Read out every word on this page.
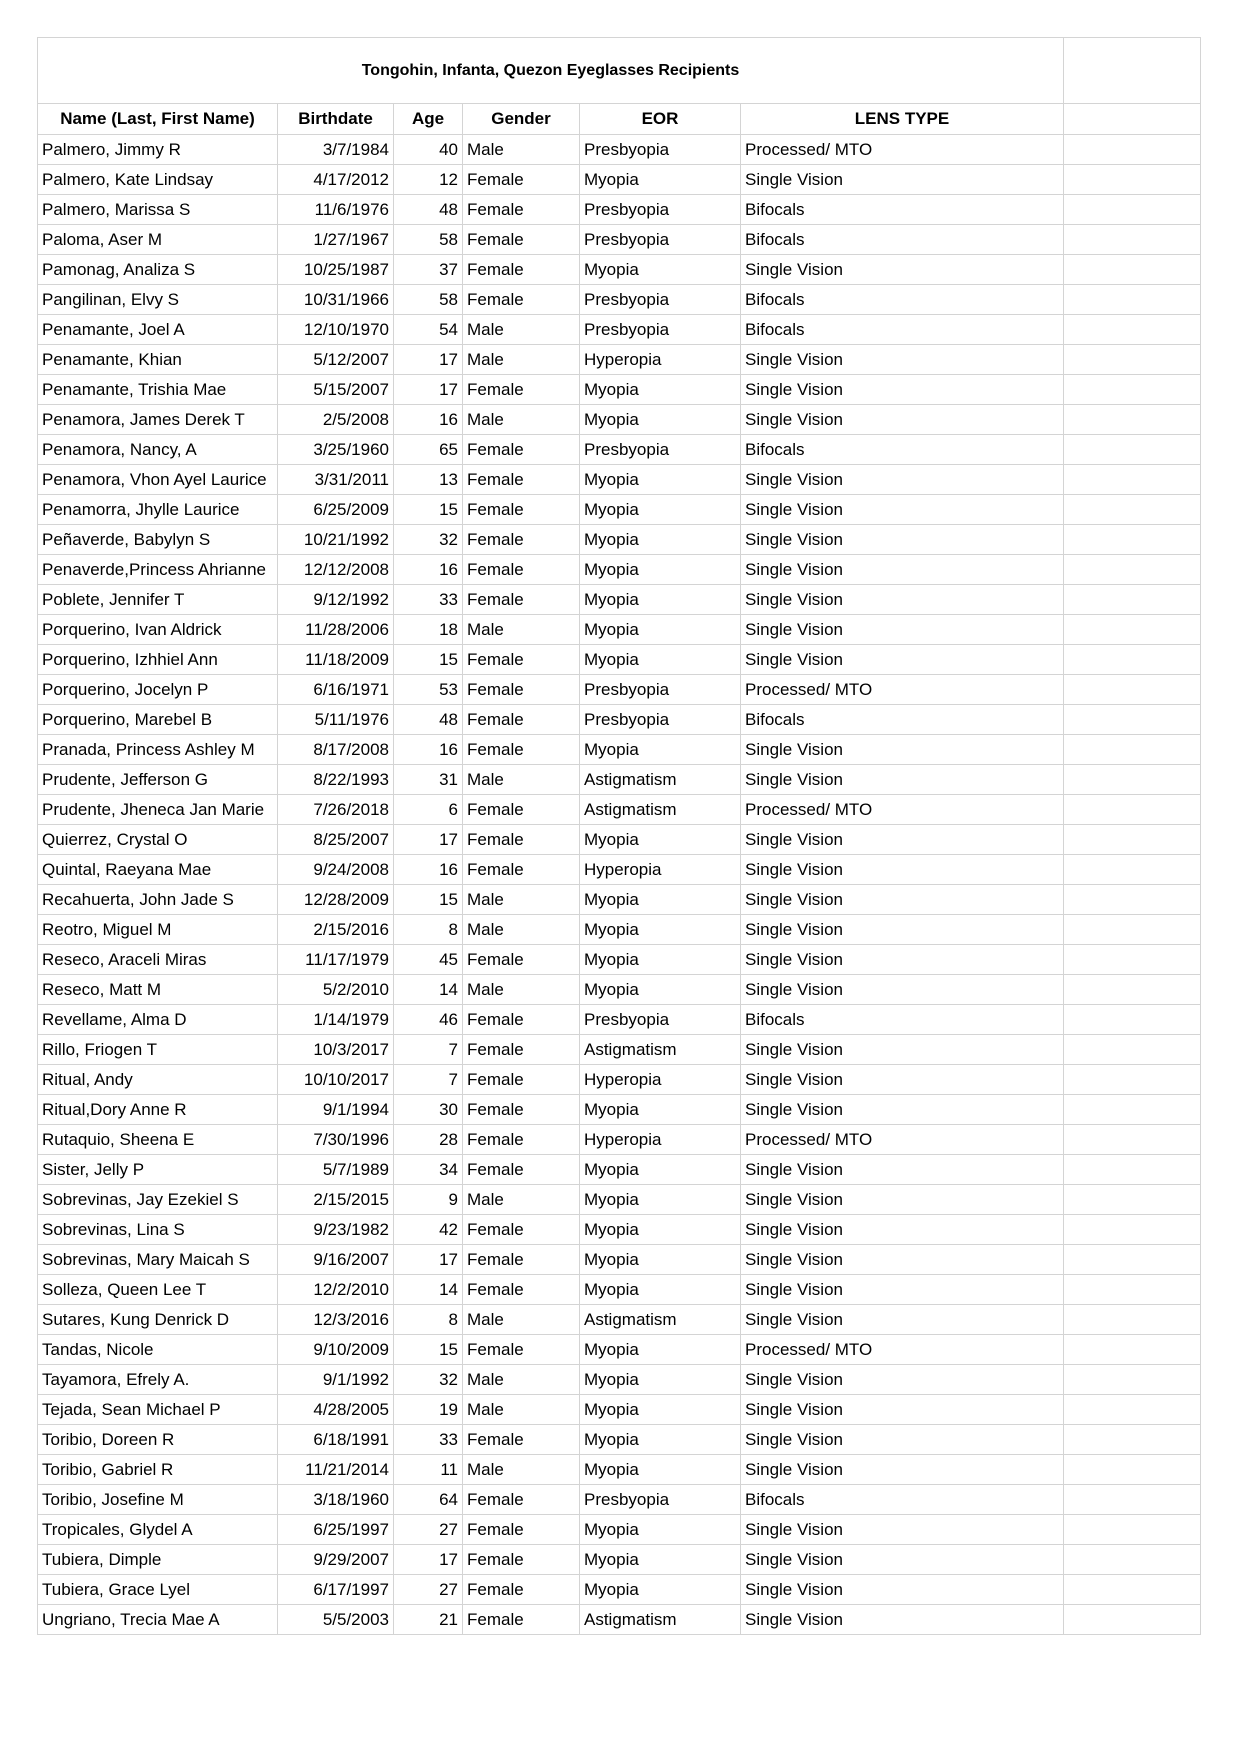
Tongohin, Infanta, Quezon Eyeglasses Recipients						
Name (Last, First Name)	Birthdate	Age	Gender	EOR	LENS TYPE	
Palmero, Jimmy R	3/7/1984	40	Male	Presbyopia	Processed/ MTO	
Palmero, Kate Lindsay	4/17/2012	12	Female	Myopia	Single Vision	
Palmero, Marissa S	11/6/1976	48	Female	Presbyopia	Bifocals	
Paloma, Aser M	1/27/1967	58	Female	Presbyopia	Bifocals	
Pamonag, Analiza S	10/25/1987	37	Female	Myopia	Single Vision	
Pangilinan, Elvy S	10/31/1966	58	Female	Presbyopia	Bifocals	
Penamante, Joel A	12/10/1970	54	Male	Presbyopia	Bifocals	
Penamante, Khian	5/12/2007	17	Male	Hyperopia	Single Vision	
Penamante, Trishia Mae	5/15/2007	17	Female	Myopia	Single Vision	
Penamora, James Derek T	2/5/2008	16	Male	Myopia	Single Vision	
Penamora, Nancy, A	3/25/1960	65	Female	Presbyopia	Bifocals	
Penamora, Vhon Ayel Laurice	3/31/2011	13	Female	Myopia	Single Vision	
Penamorra, Jhylle Laurice	6/25/2009	15	Female	Myopia	Single Vision	
Peñaverde, Babylyn S	10/21/1992	32	Female	Myopia	Single Vision	
Penaverde,Princess Ahrianne	12/12/2008	16	Female	Myopia	Single Vision	
Poblete, Jennifer T	9/12/1992	33	Female	Myopia	Single Vision	
Porquerino, Ivan Aldrick	11/28/2006	18	Male	Myopia	Single Vision	
Porquerino, Izhhiel Ann	11/18/2009	15	Female	Myopia	Single Vision	
Porquerino, Jocelyn P	6/16/1971	53	Female	Presbyopia	Processed/ MTO	
Porquerino, Marebel B	5/11/1976	48	Female	Presbyopia	Bifocals	
Pranada, Princess Ashley M	8/17/2008	16	Female	Myopia	Single Vision	
Prudente, Jefferson G	8/22/1993	31	Male	Astigmatism	Single Vision	
Prudente, Jheneca Jan Marie	7/26/2018	6	Female	Astigmatism	Processed/ MTO	
Quierrez, Crystal O	8/25/2007	17	Female	Myopia	Single Vision	
Quintal, Raeyana Mae	9/24/2008	16	Female	Hyperopia	Single Vision	
Recahuerta, John Jade S	12/28/2009	15	Male	Myopia	Single Vision	
Reotro, Miguel M	2/15/2016	8	Male	Myopia	Single Vision	
Reseco, Araceli Miras	11/17/1979	45	Female	Myopia	Single Vision	
Reseco, Matt M	5/2/2010	14	Male	Myopia	Single Vision	
Revellame, Alma D	1/14/1979	46	Female	Presbyopia	Bifocals	
Rillo, Friogen T	10/3/2017	7	Female	Astigmatism	Single Vision	
Ritual, Andy	10/10/2017	7	Female	Hyperopia	Single Vision	
Ritual,Dory Anne R	9/1/1994	30	Female	Myopia	Single Vision	
Rutaquio, Sheena E	7/30/1996	28	Female	Hyperopia	Processed/ MTO	
Sister, Jelly P	5/7/1989	34	Female	Myopia	Single Vision	
Sobrevinas, Jay Ezekiel S	2/15/2015	9	Male	Myopia	Single Vision	
Sobrevinas, Lina S	9/23/1982	42	Female	Myopia	Single Vision	
Sobrevinas, Mary Maicah S	9/16/2007	17	Female	Myopia	Single Vision	
Solleza, Queen Lee T	12/2/2010	14	Female	Myopia	Single Vision	
Sutares, Kung Denrick D	12/3/2016	8	Male	Astigmatism	Single Vision	
Tandas, Nicole	9/10/2009	15	Female	Myopia	Processed/ MTO	
Tayamora, Efrely A.	9/1/1992	32	Male	Myopia	Single Vision	
Tejada, Sean Michael P	4/28/2005	19	Male	Myopia	Single Vision	
Toribio, Doreen R	6/18/1991	33	Female	Myopia	Single Vision	
Toribio, Gabriel R	11/21/2014	11	Male	Myopia	Single Vision	
Toribio, Josefine M	3/18/1960	64	Female	Presbyopia	Bifocals	
Tropicales, Glydel A	6/25/1997	27	Female	Myopia	Single Vision	
Tubiera, Dimple	9/29/2007	17	Female	Myopia	Single Vision	
Tubiera, Grace Lyel	6/17/1997	27	Female	Myopia	Single Vision	
Ungriano, Trecia Mae A	5/5/2003	21	Female	Astigmatism	Single Vision	
